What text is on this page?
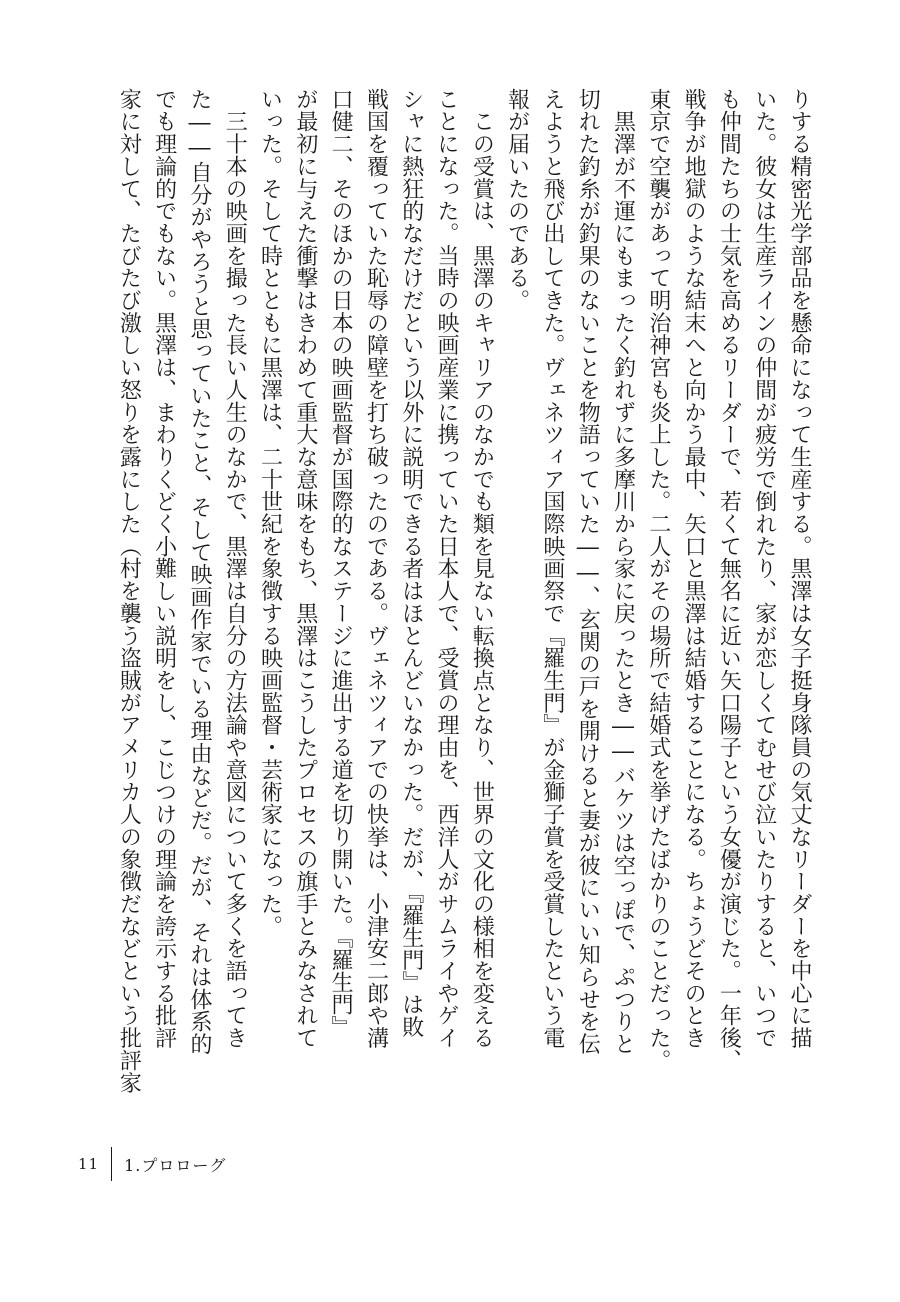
りする精密光学部品を懸命になって生産する。黒澤は女子挺身隊員の気丈なリーダーを中心に描
いた。彼女は生産ラインの仲間が疲労で倒れたり、家が恋しくてむせび泣いたりすると、いつで
も仲間たちの士気を高めるリーダーで、若くて無名に近い矢口陽子という女優が演じた。一年後、
戦争が地獄のような結末へと向かう最中、矢口と黒澤は結婚することになる。ちょうどそのとき
東京で空襲があって明治神宮も炎上した。二人がその場所で結婚式を挙げたばかりのことだった。
　黒澤が不運にもまったく釣れずに多摩川から家に戻ったとき――バケツは空っぽで、ぷつりと
切れた釣糸が釣果のないことを物語っていた――、玄関の戸を開けると妻が彼にいい知らせを伝
えようと飛び出してきた。ヴェネツィア国際映画祭で『羅生門』が金獅子賞を受賞したという電
報が届いたのである。
　この受賞は、黒澤のキャリアのなかでも類を見ない転換点となり、世界の文化の様相を変える
ことになった。当時の映画産業に携っていた日本人で、受賞の理由を、西洋人がサムライやゲイ
シャに熱狂的なだけだという以外に説明できる者はほとんどいなかった。だが、『羅生門』は敗
戦国を覆っていた恥辱の障壁を打ち破ったのである。ヴェネツィアでの快挙は、小津安二郎や溝
口健二、そのほかの日本の映画監督が国際的なステージに進出する道を切り開いた。『羅生門』
が最初に与えた衝撃はきわめて重大な意味をもち、黒澤はこうしたプロセスの旗手とみなされて
いった。そして時とともに黒澤は、二十世紀を象徴する映画監督・芸術家になった。
　三十本の映画を撮った長い人生のなかで、黒澤は自分の方法論や意図について多くを語ってき
た――自分がやろうと思っていたこと、そして映画作家でいる理由などだ。だが、それは体系的
でも理論的でもない。黒澤は、まわりくどく小難しい説明をし、こじつけの理論を誇示する批評
家に対して、たびたび激しい怒りを露にした（村を襲う盗賊がアメリカ人の象徴だなどという批評家
11 1.プロローグ
